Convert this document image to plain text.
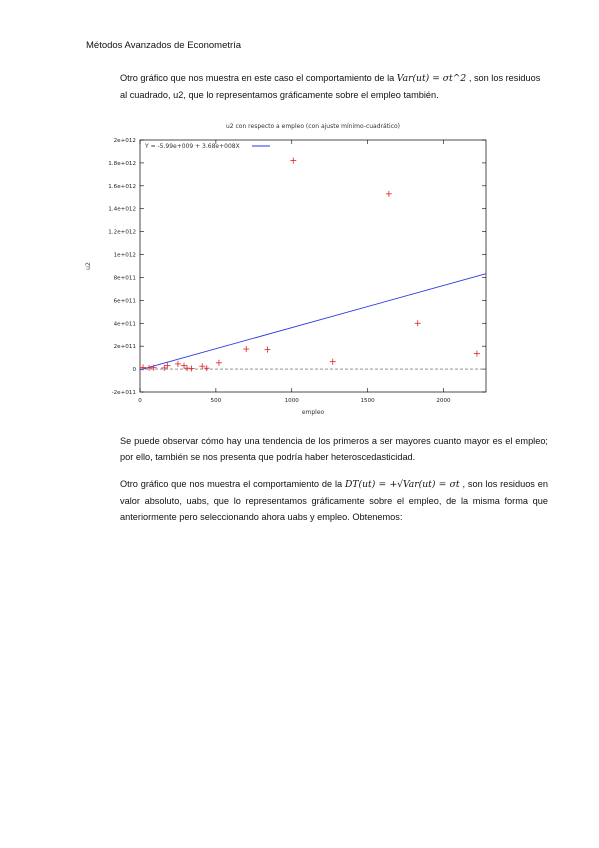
Métodos Avanzados de Econometría
Otro gráfico que nos muestra en este caso el comportamiento de la Var(ut) = σt^2 , son los residuos al cuadrado, u2, que lo representamos gráficamente sobre el empleo también.
u2 con respecto a empleo (con ajuste mínimo-cuadrático)
-2e+011
0
2e+011
4e+011
6e+011
8e+011
1e+012
1.2e+012
1.4e+012
1.6e+012
1.8e+012
2e+012
0	500	1000	1500	2000
empleo
u2
Y = -5.99e+009 + 3.68e+008X
Se puede observar cómo hay una tendencia de los primeros a ser mayores cuanto mayor es el empleo; por ello, también se nos presenta que podría haber heteroscedasticidad.
Otro gráfico que nos muestra el comportamiento de la DT(ut) = +√Var(ut) = σt , son los residuos en valor absoluto, uabs, que lo representamos gráficamente sobre el empleo, de la misma forma que anteriormente pero seleccionando ahora uabs y empleo. Obtenemos:
